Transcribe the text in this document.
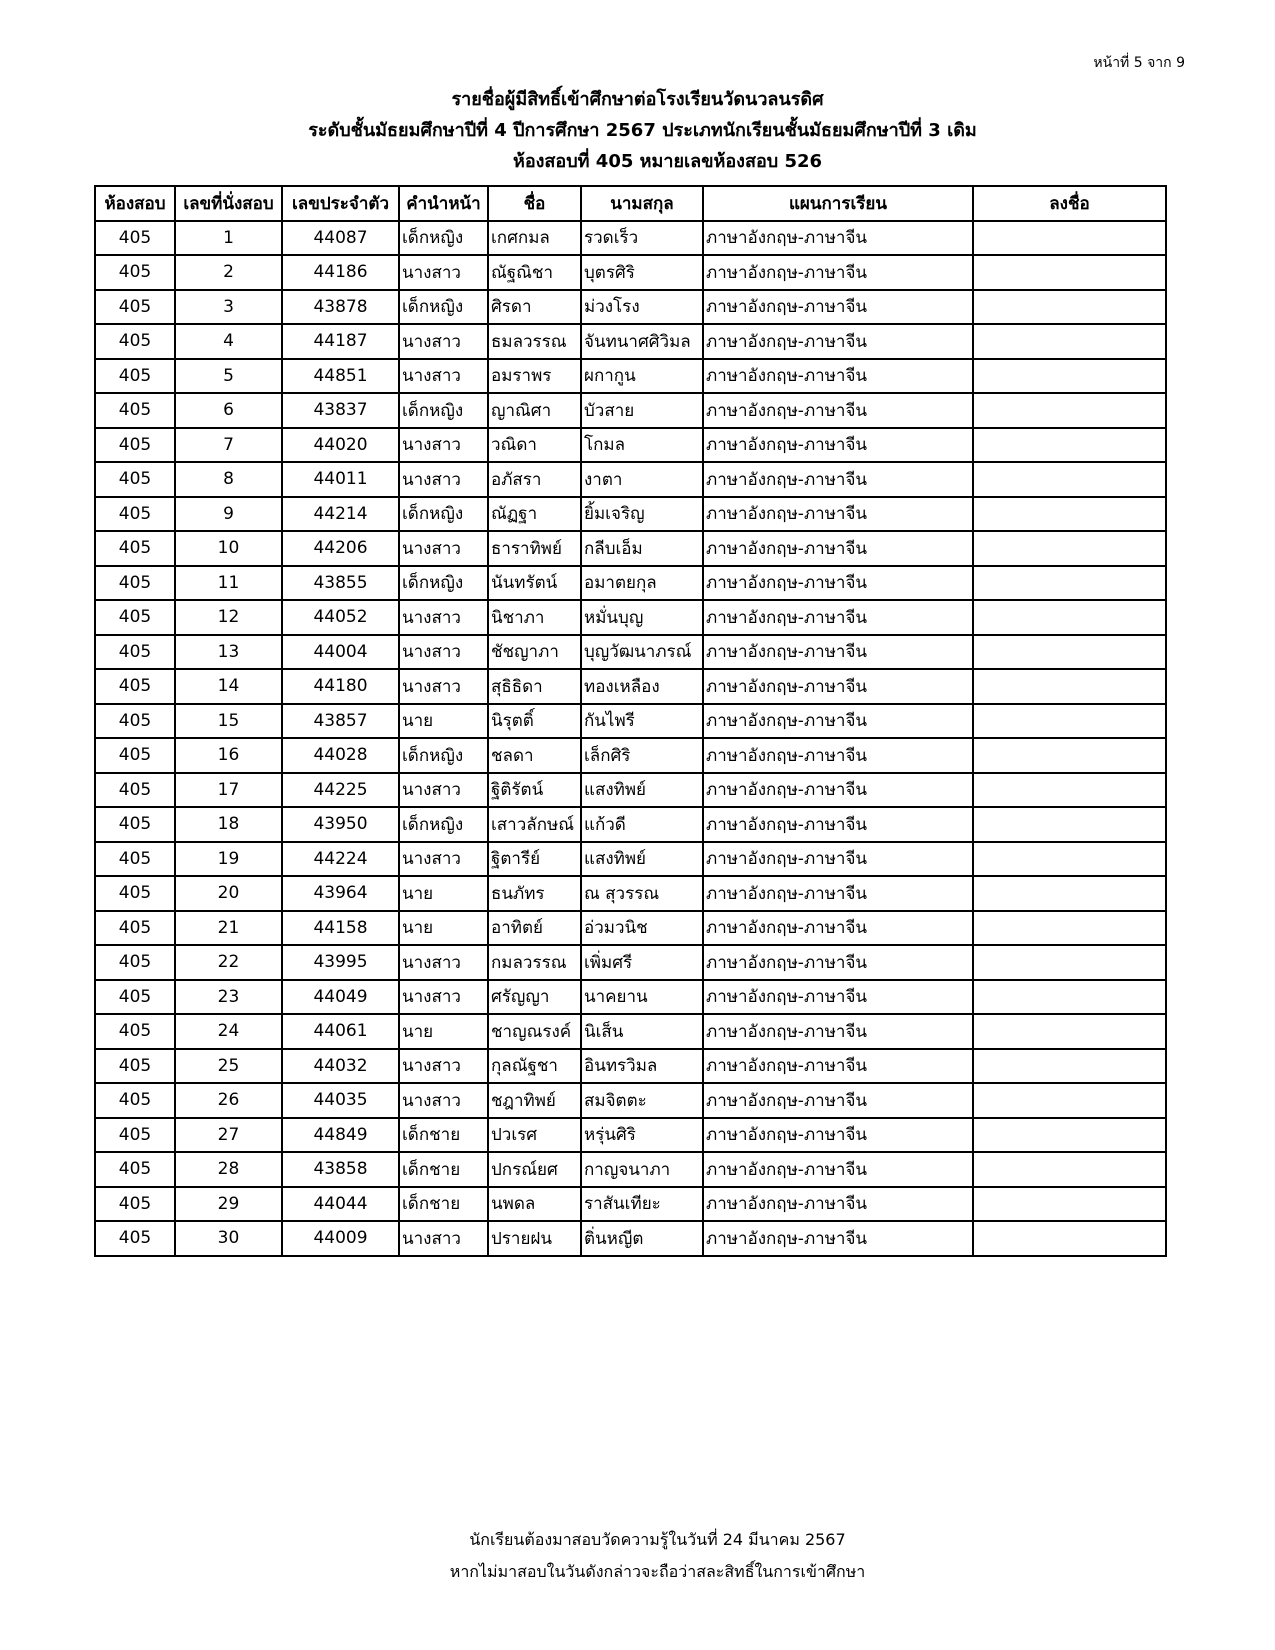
หน้าที่ 5 จาก 9
รายชื่อผู้มีสิทธิ์เข้าศึกษาต่อโรงเรียนวัดนวลนรดิศ
ระดับชั้นมัธยมศึกษาปีที่ 4 ปีการศึกษา 2567 ประเภทนักเรียนชั้นมัธยมศึกษาปีที่ 3 เดิม
ห้องสอบที่ 405 หมายเลขห้องสอบ 526
ห้องสอบ	เลขที่นั่งสอบ	เลขประจำตัว	คำนำหน้า	ชื่อ	นามสกุล	แผนการเรียน	ลงชื่อ
405	1	44087	เด็กหญิง	เกศกมล	รวดเร็ว	ภาษาอังกฤษ-ภาษาจีน	
405	2	44186	นางสาว	ณัฐณิชา	บุตรศิริ	ภาษาอังกฤษ-ภาษาจีน	
405	3	43878	เด็กหญิง	ศิรดา	ม่วงโรง	ภาษาอังกฤษ-ภาษาจีน	
405	4	44187	นางสาว	ธมลวรรณ	จันทนาศศิวิมล	ภาษาอังกฤษ-ภาษาจีน	
405	5	44851	นางสาว	อมราพร	ผกากูน	ภาษาอังกฤษ-ภาษาจีน	
405	6	43837	เด็กหญิง	ญาณิศา	บัวสาย	ภาษาอังกฤษ-ภาษาจีน	
405	7	44020	นางสาว	วณิดา	โกมล	ภาษาอังกฤษ-ภาษาจีน	
405	8	44011	นางสาว	อภัสรา	งาตา	ภาษาอังกฤษ-ภาษาจีน	
405	9	44214	เด็กหญิง	ณัฏฐา	ยิ้มเจริญ	ภาษาอังกฤษ-ภาษาจีน	
405	10	44206	นางสาว	ธาราทิพย์	กลีบเอ็ม	ภาษาอังกฤษ-ภาษาจีน	
405	11	43855	เด็กหญิง	นันทรัตน์	อมาตยกุล	ภาษาอังกฤษ-ภาษาจีน	
405	12	44052	นางสาว	นิชาภา	หมั่นบุญ	ภาษาอังกฤษ-ภาษาจีน	
405	13	44004	นางสาว	ชัชญาภา	บุญวัฒนาภรณ์	ภาษาอังกฤษ-ภาษาจีน	
405	14	44180	นางสาว	สุธิธิดา	ทองเหลือง	ภาษาอังกฤษ-ภาษาจีน	
405	15	43857	นาย	นิรุตติ์	กันไพรี	ภาษาอังกฤษ-ภาษาจีน	
405	16	44028	เด็กหญิง	ชลดา	เล็กศิริ	ภาษาอังกฤษ-ภาษาจีน	
405	17	44225	นางสาว	ฐิติรัตน์	แสงทิพย์	ภาษาอังกฤษ-ภาษาจีน	
405	18	43950	เด็กหญิง	เสาวลักษณ์	แก้วดี	ภาษาอังกฤษ-ภาษาจีน	
405	19	44224	นางสาว	ฐิตารีย์	แสงทิพย์	ภาษาอังกฤษ-ภาษาจีน	
405	20	43964	นาย	ธนภัทร	ณ สุวรรณ	ภาษาอังกฤษ-ภาษาจีน	
405	21	44158	นาย	อาทิตย์	อ่วมวนิช	ภาษาอังกฤษ-ภาษาจีน	
405	22	43995	นางสาว	กมลวรรณ	เพิ่มศรี	ภาษาอังกฤษ-ภาษาจีน	
405	23	44049	นางสาว	ศรัญญา	นาคยาน	ภาษาอังกฤษ-ภาษาจีน	
405	24	44061	นาย	ชาญณรงค์	นิเส็น	ภาษาอังกฤษ-ภาษาจีน	
405	25	44032	นางสาว	กุลณัฐชา	อินทรวิมล	ภาษาอังกฤษ-ภาษาจีน	
405	26	44035	นางสาว	ชฎาทิพย์	สมจิตตะ	ภาษาอังกฤษ-ภาษาจีน	
405	27	44849	เด็กชาย	ปวเรศ	หรุ่นศิริ	ภาษาอังกฤษ-ภาษาจีน	
405	28	43858	เด็กชาย	ปกรณ์ยศ	กาญจนาภา	ภาษาอังกฤษ-ภาษาจีน	
405	29	44044	เด็กชาย	นพดล	ราสันเทียะ	ภาษาอังกฤษ-ภาษาจีน	
405	30	44009	นางสาว	ปรายฝน	ติ่นหญีต	ภาษาอังกฤษ-ภาษาจีน	
นักเรียนต้องมาสอบวัดความรู้ในวันที่ 24 มีนาคม 2567
หากไม่มาสอบในวันดังกล่าวจะถือว่าสละสิทธิ์ในการเข้าศึกษา
